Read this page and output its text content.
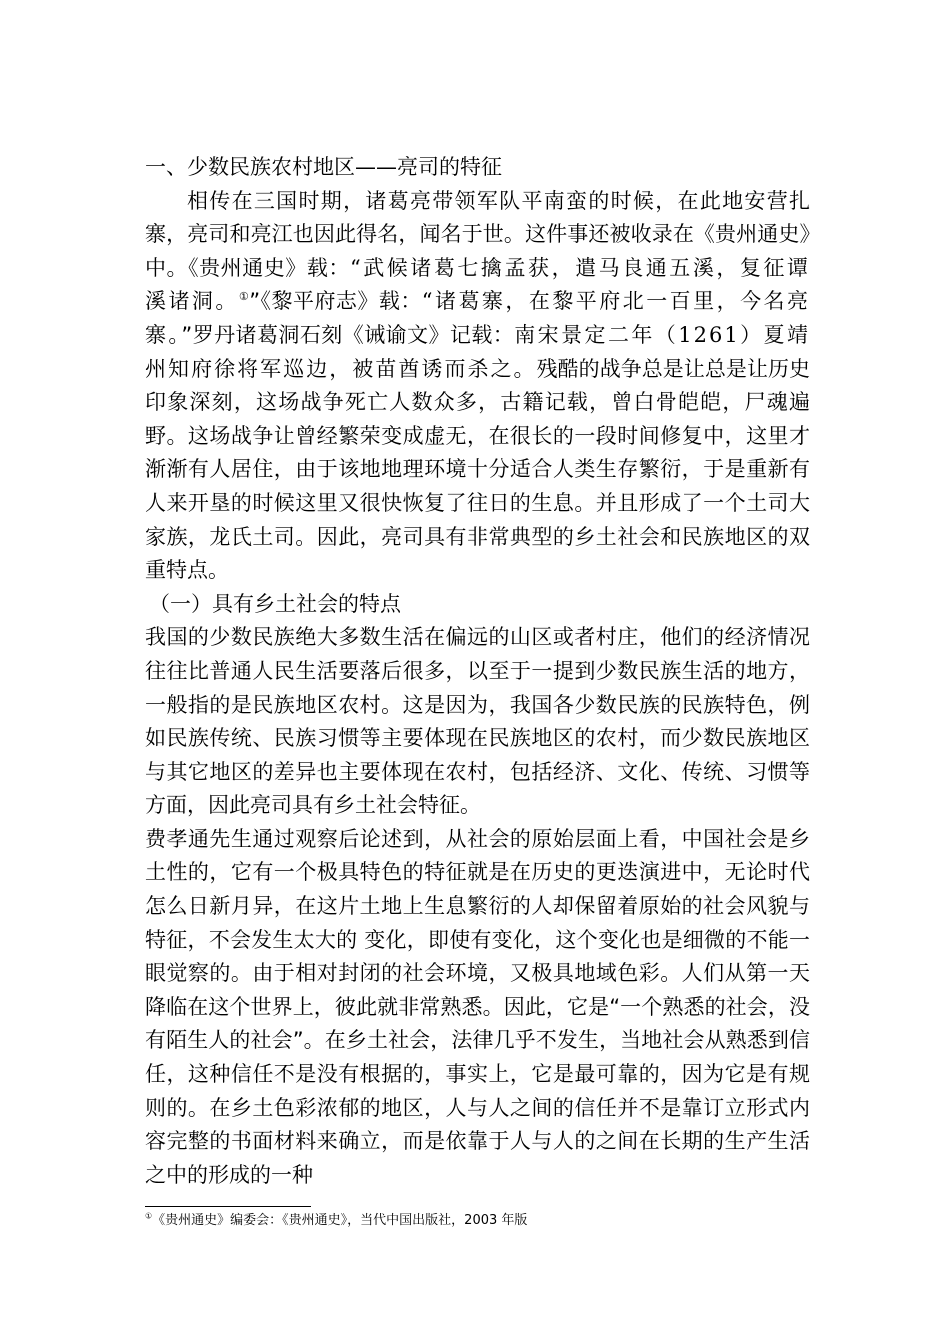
一、少数民族农村地区——亮司的特征

相传在三国时期，诸葛亮带领军队平南蛮的时候，在此地安营扎寨，亮司和亮江也因此得名，闻名于世。这件事还被收录在《贵州通史》中。《贵州通史》载：“武候诸葛七擒孟获，遣马良通五溪，复征谭溪诸洞。①”《黎平府志》载：“诸葛寨，在黎平府北一百里，今名亮寨。”罗丹诸葛洞石刻《诫谕文》记载：南宋景定二年（1261）夏靖州知府徐将军巡边，被苗酋诱而杀之。残酷的战争总是让总是让历史印象深刻，这场战争死亡人数众多，古籍记载，曾白骨皑皑，尸魂遍野。这场战争让曾经繁荣变成虚无，在很长的一段时间修复中，这里才渐渐有人居住，由于该地地理环境十分适合人类生存繁衍，于是重新有人来开垦的时候这里又很快恢复了往日的生息。并且形成了一个土司大家族，龙氏土司。因此，亮司具有非常典型的乡土社会和民族地区的双重特点。

（一）具有乡土社会的特点

我国的少数民族绝大多数生活在偏远的山区或者村庄，他们的经济情况往往比普通人民生活要落后很多，以至于一提到少数民族生活的地方，一般指的是民族地区农村。这是因为，我国各少数民族的民族特色，例如民族传统、民族习惯等主要体现在民族地区的农村，而少数民族地区与其它地区的差异也主要体现在农村，包括经济、文化、传统、习惯等方面，因此亮司具有乡土社会特征。

费孝通先生通过观察后论述到，从社会的原始层面上看，中国社会是乡土性的，它有一个极具特色的特征就是在历史的更迭演进中，无论时代怎么日新月异，在这片土地上生息繁衍的人却保留着原始的社会风貌与特征，不会发生太大的 变化，即使有变化，这个变化也是细微的不能一眼觉察的。由于相对封闭的社会环境，又极具地域色彩。人们从第一天降临在这个世界上，彼此就非常熟悉。因此，它是“一个熟悉的社会，没有陌生人的社会”。在乡土社会，法律几乎不发生，当地社会从熟悉到信任，这种信任不是没有根据的，事实上，它是最可靠的，因为它是有规则的。在乡土色彩浓郁的地区，人与人之间的信任并不是靠订立形式内容完整的书面材料来确立，而是依靠于人与人的之间在长期的生产生活之中的形成的一种

①《贵州通史》编委会：《贵州通史》，当代中国出版社，2003 年版
